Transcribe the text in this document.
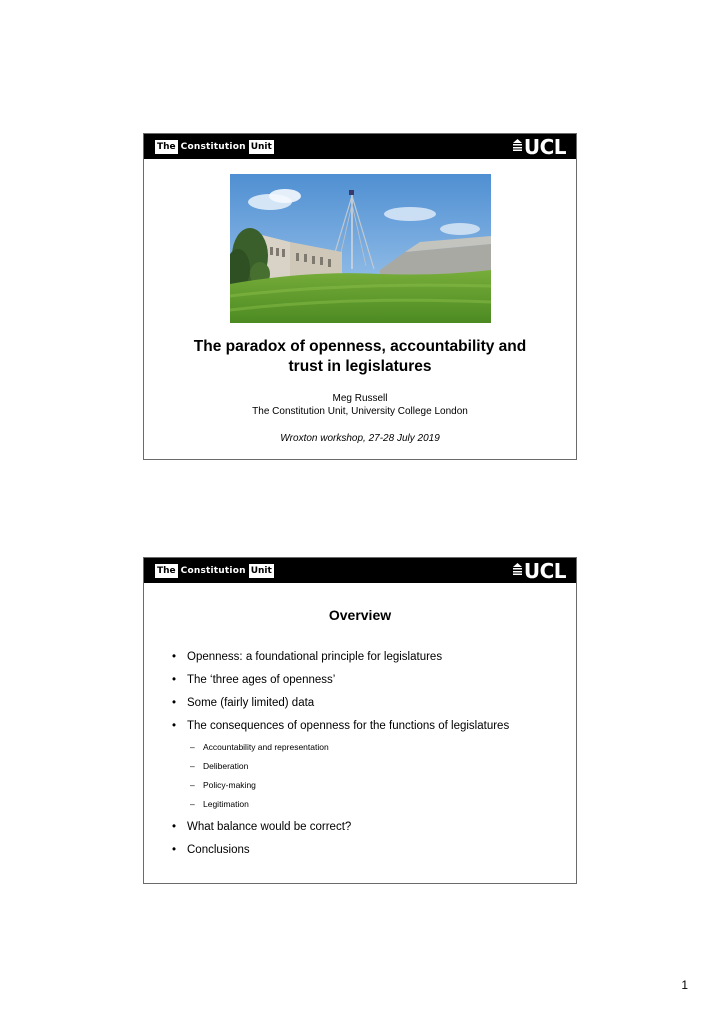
The Constitution Unit	UCL
The paradox of openness, accountability and
trust in legislatures
Meg Russell
The Constitution Unit, University College London
Wroxton workshop, 27-28 July 2019
The Constitution Unit	UCL
Overview
• Openness: a foundational principle for legislatures
• The ‘three ages of openness’
• Some (fairly limited) data
• The consequences of openness for the functions of legislatures
– Accountability and representation
– Deliberation
– Policy-making
– Legitimation
• What balance would be correct?
• Conclusions
1
